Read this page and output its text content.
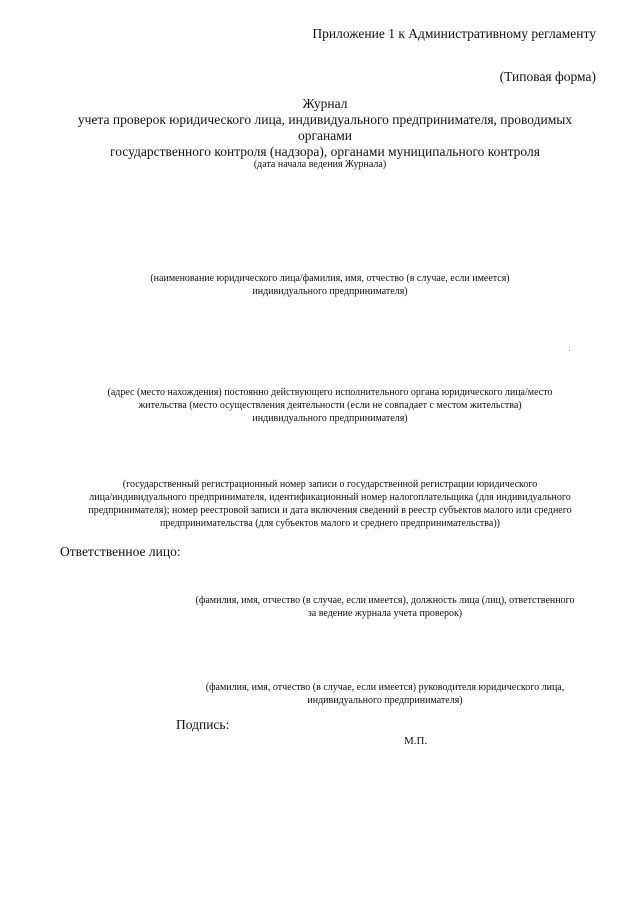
Приложение 1 к Административному регламенту
(Типовая форма)
Журнал
учета проверок юридического лица, индивидуального предпринимателя, проводимых органами
государственного контроля (надзора), органами муниципального контроля
(дата начала ведения Журнала)
(наименование юридического лица/фамилия, имя, отчество (в случае, если имеется)
индивидуального предпринимателя)
(адрес (место нахождения) постоянно действующего исполнительного органа юридического лица/место
жительства (место осуществления деятельности (если не совпадает с местом жительства)
индивидуального предпринимателя)
(государственный регистрационный номер записи о государственной регистрации юридического
лица/индивидуального предпринимателя, идентификационный номер налогоплательщика (для индивидуального
предпринимателя); номер реестровой записи и дата включения сведений в реестр субъектов малого или среднего
предпринимательства (для субъектов малого и среднего предпринимательства))
Ответственное лицо:
(фамилия, имя, отчество (в случае, если имеется), должность лица (лиц), ответственного
за ведение журнала учета проверок)
(фамилия, имя, отчество (в случае, если имеется) руководителя юридического лица,
индивидуального предпринимателя)
Подпись:
М.П.
